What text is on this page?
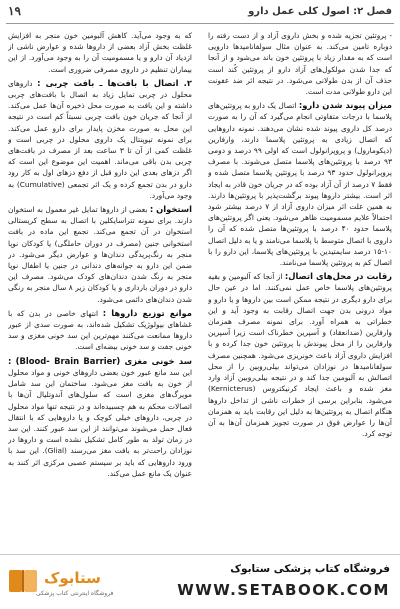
فصل ۲: اصول کلی عمل دارو
۱۹

- پروتئین تجزیه شده و بخش داروی آزاد و از دست رفته را دوباره تامین می‌کند. به عنوان مثال سولفانامیدها دارویی است که به مقدار زیاد با پروتئین خون باند می‌شود و از آنجا که جدا شدن مولکول‌های آزاد دارو از پروتئین کُند است حذف آن از بدن طولانی می‌شود. در نتیجه اثر ضد عفونت این دارو طولانی مدت است.

میزان پیوند شدن دارو: اتصال یک دارو به پروتئین‌های پلاسما با درجات متفاوتی انجام می‌گیرد که آن را به صورت درصد کل داروی پیوند شده نشان می‌دهند. نمونه داروهایی که اتصال زیادی به پروتئین پلاسما دارند، وارفارین (دیکومارول) و پروپرانولول است که اولی ۹۹ درصد و دومی ۹۳ درصد با پروتئین‌های پلاسما متصل می‌شوند. با مصرف پروپرانولول حدود ۹۳ درصد با پروتئین پلاسما متصل شده و فقط ۷ درصد از آن آزاد بوده که در جریان خون قادر به ایجاد اثر است. بیشتر داروها پیوند برگشت‌پذیر با پروتئین‌ها دارند. به همین علت اثر میزان داروی آزاد از ۷ درصد بیشتر شود احتمالاً علایم مسمومیت ظاهر می‌شود. یعنی اگر پروتئین‌های پلاسما حدود ۴۰ درصد با پروتئین‌ها متصل شده که آن را داروی با اتصال متوسط با پلاسما می‌نامند و یا به دلیل اتصال ۱۰-۱۵ درصد سایمتیدین با پروتئین‌های پلاسما، این دارو را با اتصال کم به پروتئین پلاسما می‌نامند.

رقابت در محل‌های اتصال: از آنجا که آلبومین و بقیه پروتئین‌های پلاسما خاص عمل نمی‌کنند. اما در عین حال برای دارو دیگری در نتیجه ممکن است بین داروها و یا دارو و مواد درونی بدن جهت اتصال رقابت به وجود آید و این خطراتی به همراه آورد. برای نمونه مصرف همزمان وارفارین (ضدانعقاد) و آسپرین خطرناک است زیرا آسپرین وارفارین را از محل پیوندش با پروتئین خون جدا کرده و با افزایش داروی آزاد باعث خونریزی می‌شود. همچنین مصرف سولفانامیدها در نوزادان می‌تواند بیلی‌روبین را از محل اتصالش به آلبومین جدا کند و در نتیجه بیلی‌روبین آزاد وارد مغز شده و باعث ایجاد کرنیکتروس (Kernicterus) می‌شود. بنابراین برسی از خطرات ناشی از تداخل داروها هنگام اتصال به پروتئین‌ها به دلیل این رقابت باید به همزمان آن‌ها را عوارض فوق در صورت تجویز همزمان آن‌ها به آن توجه کرد.

که به وجود می‌آید. کاهش آلبومین خون منجر به افزایش غلظت بخش آزاد بعضی از داروها شده و عوارض ناشی از ازدیاد آن دارو و یا مسمومیت آن را به وجود می‌آورد. از این بیماران تنظیم در داروی مصرفی ضروری است.

۲. اتصال با بافت‌ها ـ بافت چربی : داروهای محلول در چربی تمایل زیاد به اتصال با بافت‌های چربی داشته و این بافت به صورت محل ذخیره آن‌ها عمل می‌کند. از آنجا که جریان خون بافت چربی نسبتاً کم است در نتیجه این محل به صورت مخزن پایدار برای دارو عمل می‌کند. برای نمونه تیوپنتال یک داروی محلول در چربی است و غلظت کمی از آن تا ۳ ساعت بعد از مصرف در بافت‌های چربی بدن باقی می‌ماند. اهمیت این موضوع این است که اگر دزهای بعدی این دارو قبل از دفع دزهای اول به کار رود دارو در بدن تجمع کرده و یک اثر تجمعی (Cumulative) به وجود می‌آورد.

استخوان : بعضی از داروها تمایل غیر معمول به استخوان دارند. برای نمونه تتراسایکلین با اتصال به سطح کریستالی استخوان در آن تجمع می‌کند. تجمع این ماده در بافت استخوانی جنین (مصرف در دوران حاملگی) یا کودکان نوپا منجر به رنگ‌پریدگی دندان‌ها و عوارض دیگر می‌شود. در ضمن این دارو به جوانه‌های دندانی در جنین یا اطفال نوپا منجر به رنگ شدن دندان‌های کودک می‌شود. مصرف این دارو در دوران بارداری و یا کودکان زیر ۸ سال منجر به رنگی شدن دندان‌های دائمی می‌شود.

موانع توزیع داروها : انتهای خاصی در بدن که با غشاهای بیولوژیک تشکیل شده‌اند، به صورت سدی از عبور داروها ممانعت می‌کنند مهم‌ترین این سد خونی مغزی و سد خونی جفت و سد خونی بیضه‌ای است.

سد خونی مغزی (Blood- Brain Barrier) : این سد مانع عبور خون بعضی داروهای خونی و مواد محلول از خون به بافت مغز می‌شود. ساختمان این سد شامل مویرگ‌های مغزی است که سلول‌های آندوتلیال آن‌ها با اتصالات محکم به هم چسبیده‌اند و در نتیجه تنها مواد محلول در چربی، داروهای خیلی کوچک و یا داروهایی که با انتقال فعال حمل می‌شوند می‌توانند از این سد عبور کنند. این سد در زمان تولد به طور کامل تشکیل نشده است و داروها در نوزادان راحت‌تر به بافت مغز می‌رسند (Glial). این سد با ورود داروهایی که باید بر سیستم عصبی مرکزی اثر کنند به عنوان یک مانع عمل می‌کند.

ستابوک
فروشگاه اینترنتی کتاب پزشکی
فروشگاه کتاب پزشکی ستابوک
WWW.SETABOOK.COM
